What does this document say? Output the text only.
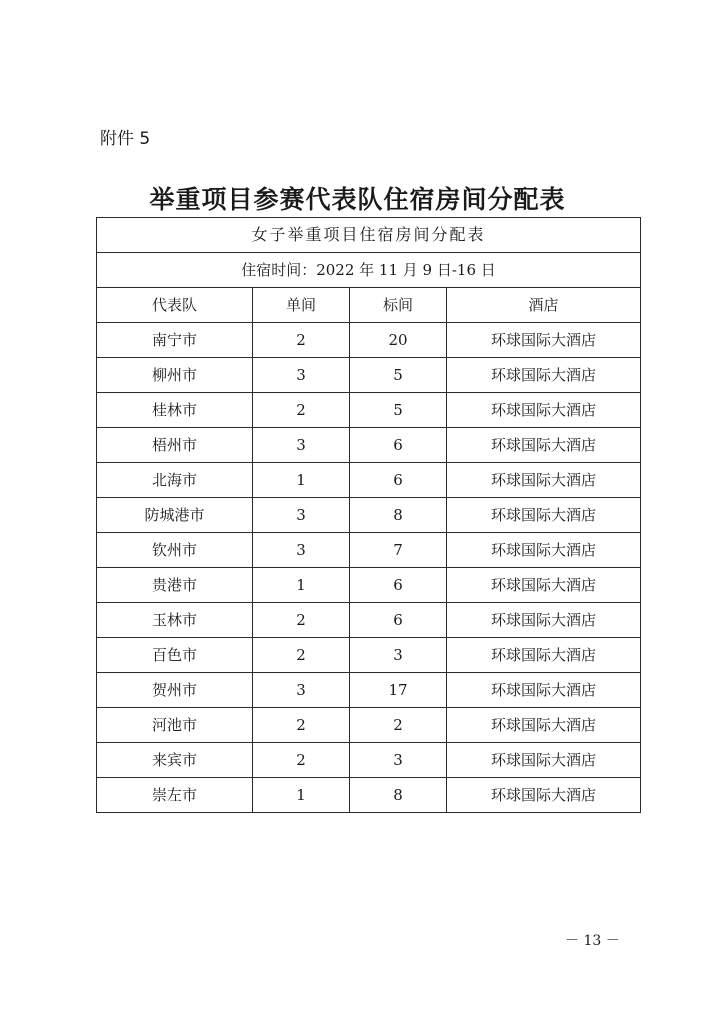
附件 5
举重项目参赛代表队住宿房间分配表
女子举重项目住宿房间分配表			
住宿时间：2022 年 11 月 9 日-16 日			
代表队	单间	标间	酒店
南宁市	2	20	环球国际大酒店
柳州市	3	5	环球国际大酒店
桂林市	2	5	环球国际大酒店
梧州市	3	6	环球国际大酒店
北海市	1	6	环球国际大酒店
防城港市	3	8	环球国际大酒店
钦州市	3	7	环球国际大酒店
贵港市	1	6	环球国际大酒店
玉林市	2	6	环球国际大酒店
百色市	2	3	环球国际大酒店
贺州市	3	17	环球国际大酒店
河池市	2	2	环球国际大酒店
来宾市	2	3	环球国际大酒店
崇左市	1	8	环球国际大酒店
－ 13 －
